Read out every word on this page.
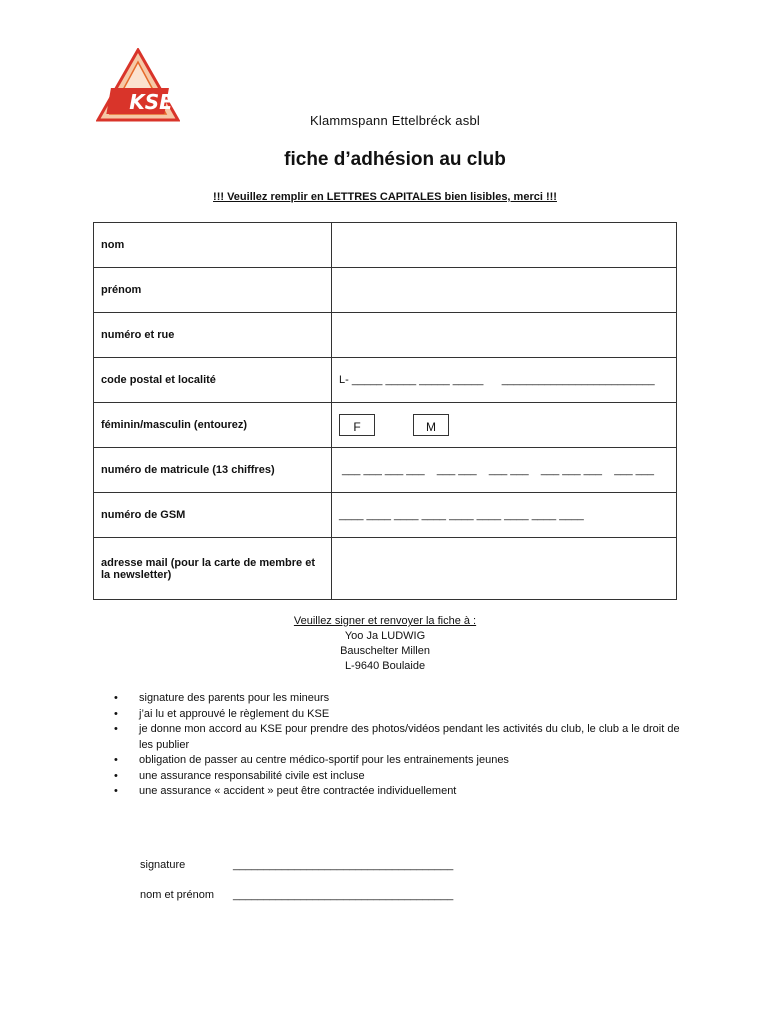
KSE
Klammspann Ettelbréck asbl
fiche d’adhésion au club
!!! Veuillez remplir en LETTRES CAPITALES bien lisibles, merci !!!
nom	
prénom	
numéro et rue	
code postal et localité	L- _____ _____ _____ _____      _________________________
féminin/masculin (entourez)	F M
numéro de matricule (13 chiffres)	___ ___ ___ ___    ___ ___    ___ ___    ___ ___ ___    ___ ___
numéro de GSM	____ ____ ____ ____ ____ ____ ____ ____ ____
adresse mail (pour la carte de membre et la newsletter)	
Veuillez signer et renvoyer la fiche à :
Yoo Ja LUDWIG
Bauschelter Millen
L-9640 Boulaide
• signature des parents pour les mineurs
• j’ai lu et approuvé le règlement du KSE
• je donne mon accord au KSE pour prendre des photos/vidéos pendant les activités du club, le club a le droit de les publier
• obligation de passer au centre médico-sportif pour les entrainements jeunes
• une assurance responsabilité civile est incluse
• une assurance « accident » peut être contractée individuellement
signature	____________________________________
nom et prénom ____________________________________
